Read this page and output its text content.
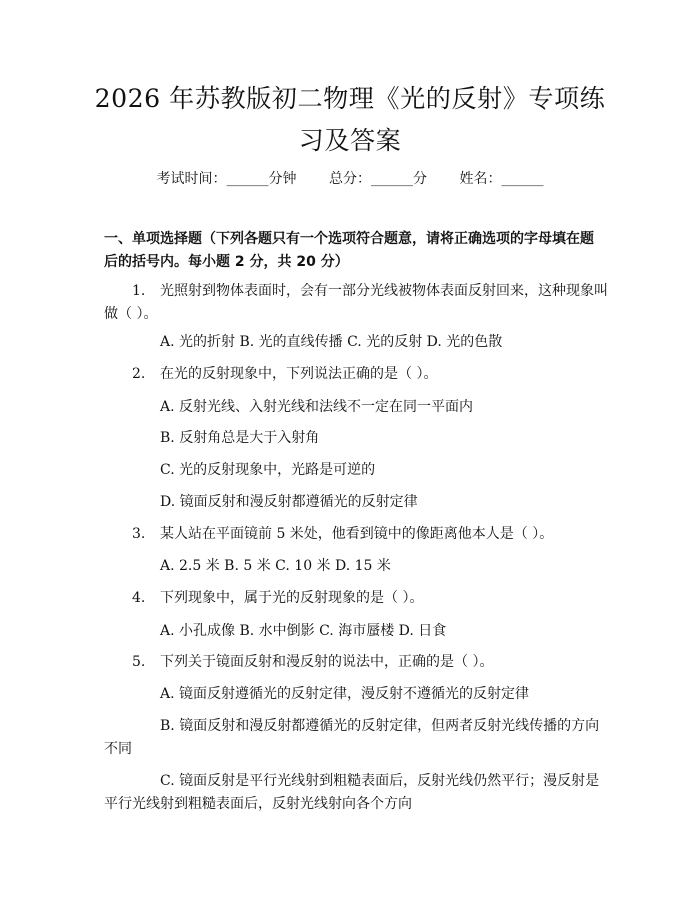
2026 年苏教版初二物理《光的反射》专项练
习及答案
考试时间：______分钟 总分：______分 姓名：______
一、单项选择题（下列各题只有一个选项符合题意，请将正确选项的字母填在题
后的括号内。每小题 2 分，共 20 分）
1. 光照射到物体表面时，会有一部分光线被物体表面反射回来，这种现象叫
做（ ）。
A. 光的折射 B. 光的直线传播 C. 光的反射 D. 光的色散
2. 在光的反射现象中，下列说法正确的是（ ）。
A. 反射光线、入射光线和法线不一定在同一平面内
B. 反射角总是大于入射角
C. 光的反射现象中，光路是可逆的
D. 镜面反射和漫反射都遵循光的反射定律
3. 某人站在平面镜前 5 米处，他看到镜中的像距离他本人是（ ）。
A. 2.5 米 B. 5 米 C. 10 米 D. 15 米
4. 下列现象中，属于光的反射现象的是（ ）。
A. 小孔成像 B. 水中倒影 C. 海市蜃楼 D. 日食
5. 下列关于镜面反射和漫反射的说法中，正确的是（ ）。
A. 镜面反射遵循光的反射定律，漫反射不遵循光的反射定律
B. 镜面反射和漫反射都遵循光的反射定律，但两者反射光线传播的方向
不同
C. 镜面反射是平行光线射到粗糙表面后，反射光线仍然平行；漫反射是
平行光线射到粗糙表面后，反射光线射向各个方向
